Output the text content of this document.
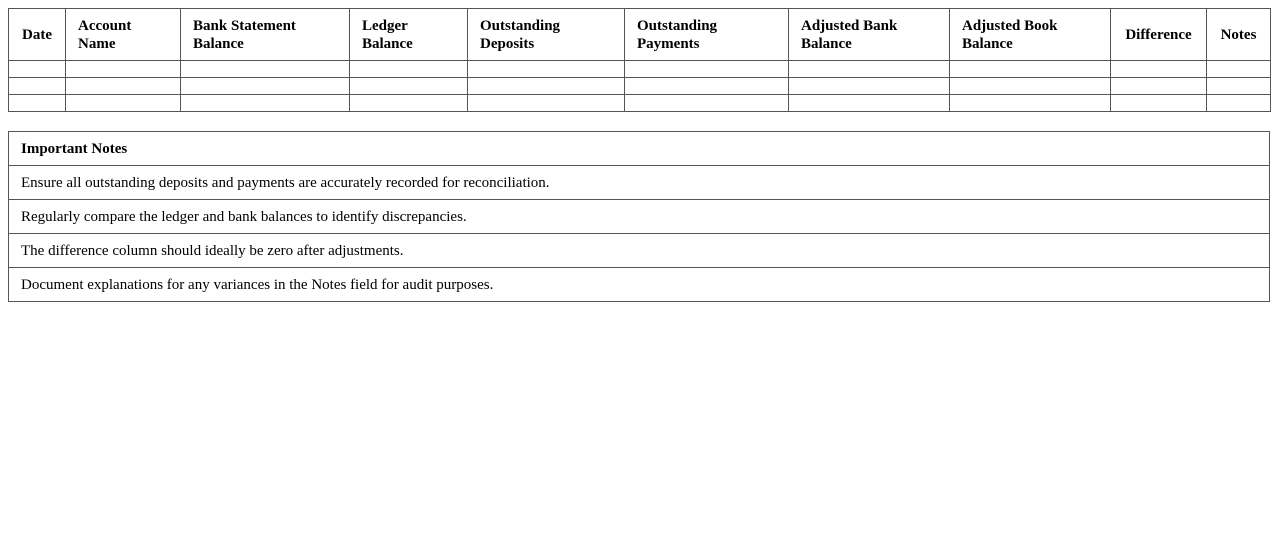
Date	Account Name	Bank Statement Balance	Ledger Balance	Outstanding Deposits	Outstanding Payments	Adjusted Bank Balance	Adjusted Book Balance	Difference	Notes

Important Notes
Ensure all outstanding deposits and payments are accurately recorded for reconciliation.
Regularly compare the ledger and bank balances to identify discrepancies.
The difference column should ideally be zero after adjustments.
Document explanations for any variances in the Notes field for audit purposes.
